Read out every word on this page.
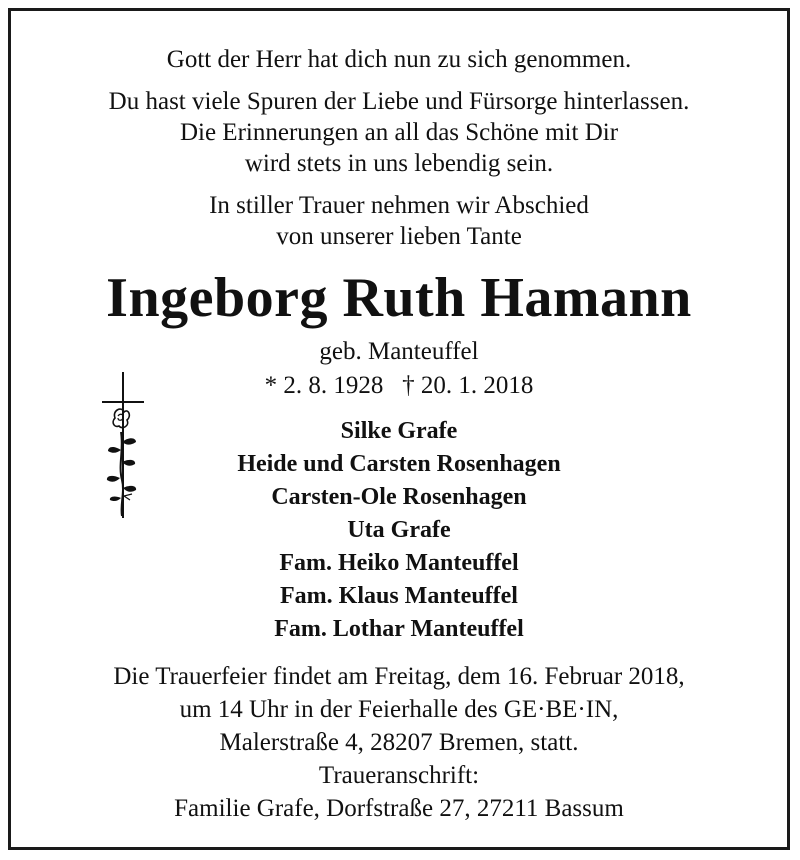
Gott der Herr hat dich nun zu sich genommen.
Du hast viele Spuren der Liebe und Fürsorge hinterlassen.
Die Erinnerungen an all das Schöne mit Dir
wird stets in uns lebendig sein.
In stiller Trauer nehmen wir Abschied
von unserer lieben Tante
Ingeborg Ruth Hamann
geb. Manteuffel
* 2. 8. 1928   † 20. 1. 2018
Silke Grafe
Heide und Carsten Rosenhagen
Carsten-Ole Rosenhagen
Uta Grafe
Fam. Heiko Manteuffel
Fam. Klaus Manteuffel
Fam. Lothar Manteuffel
Die Trauerfeier findet am Freitag, dem 16. Februar 2018,
um 14 Uhr in der Feierhalle des GE·BE·IN,
Malerstraße 4, 28207 Bremen, statt.
Traueranschrift:
Familie Grafe, Dorfstraße 27, 27211 Bassum
